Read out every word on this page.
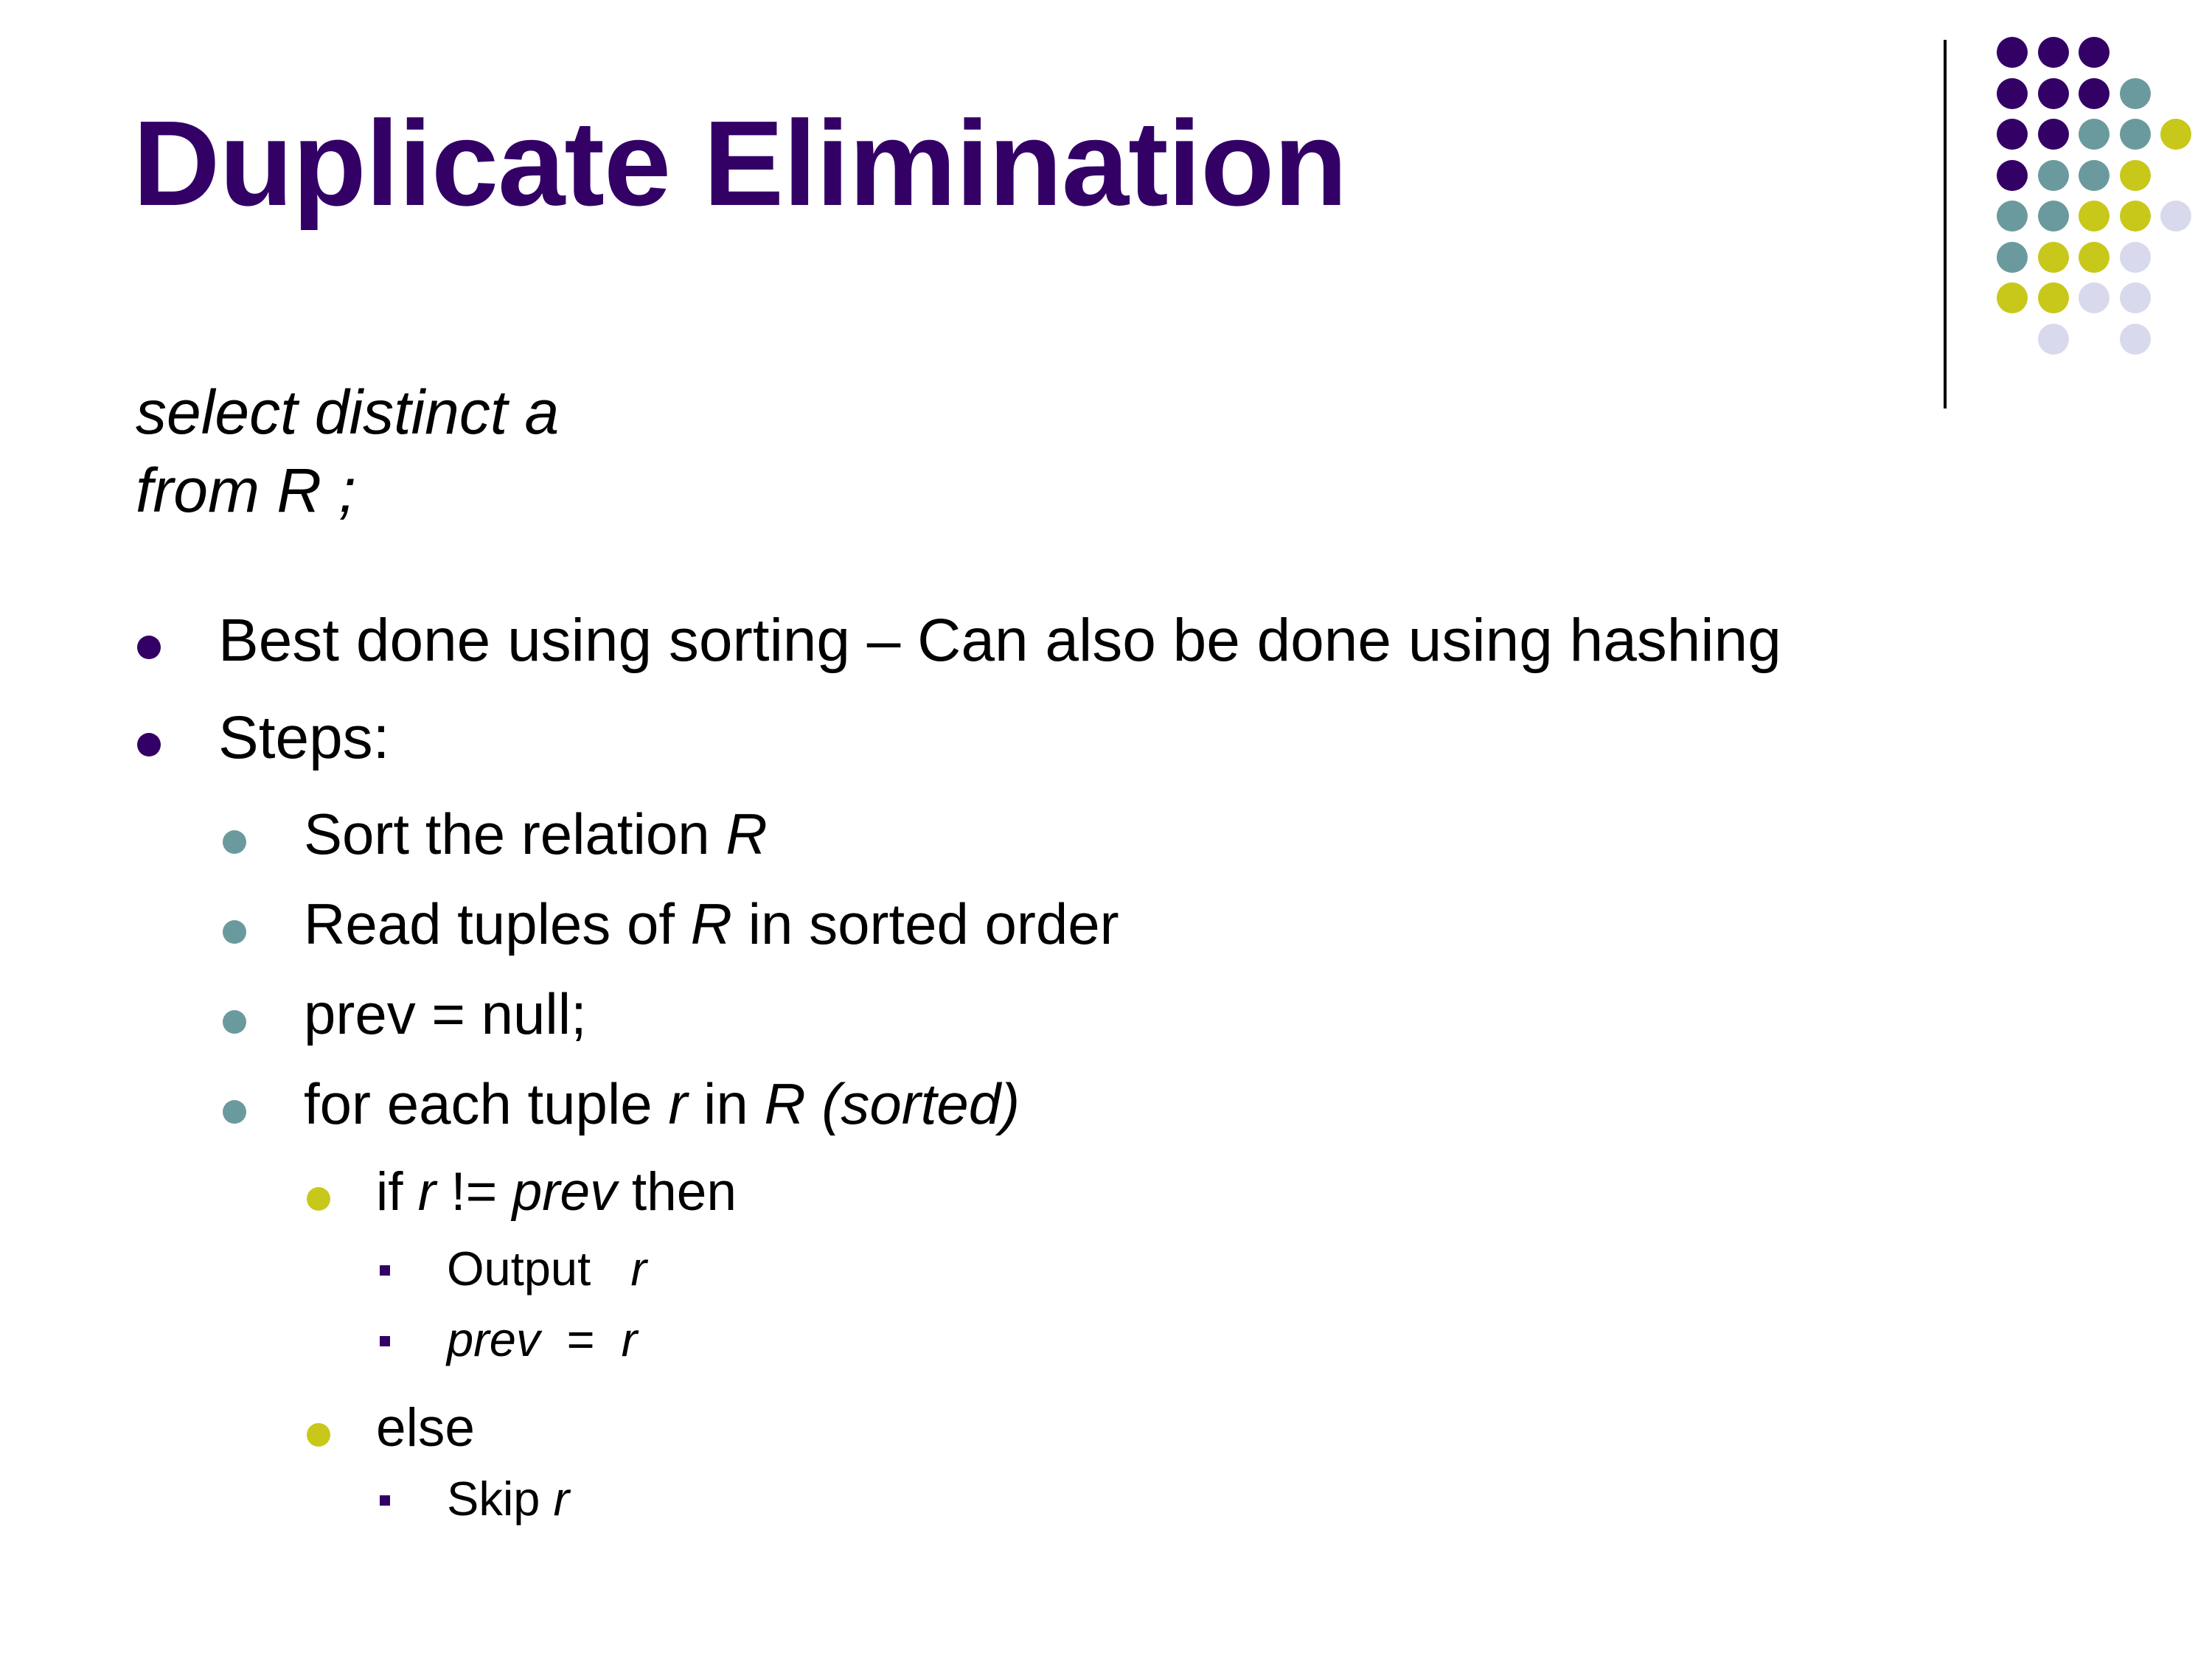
Duplicate Elimination
select distinct a
from R ;
Best done using sorting – Can also be done using hashing
Steps:
Sort the relation R
Read tuples of R in sorted order
prev = null;
for each tuple r in R (sorted)
if r != prev then
Output   r
prev  =  r
else
Skip r
